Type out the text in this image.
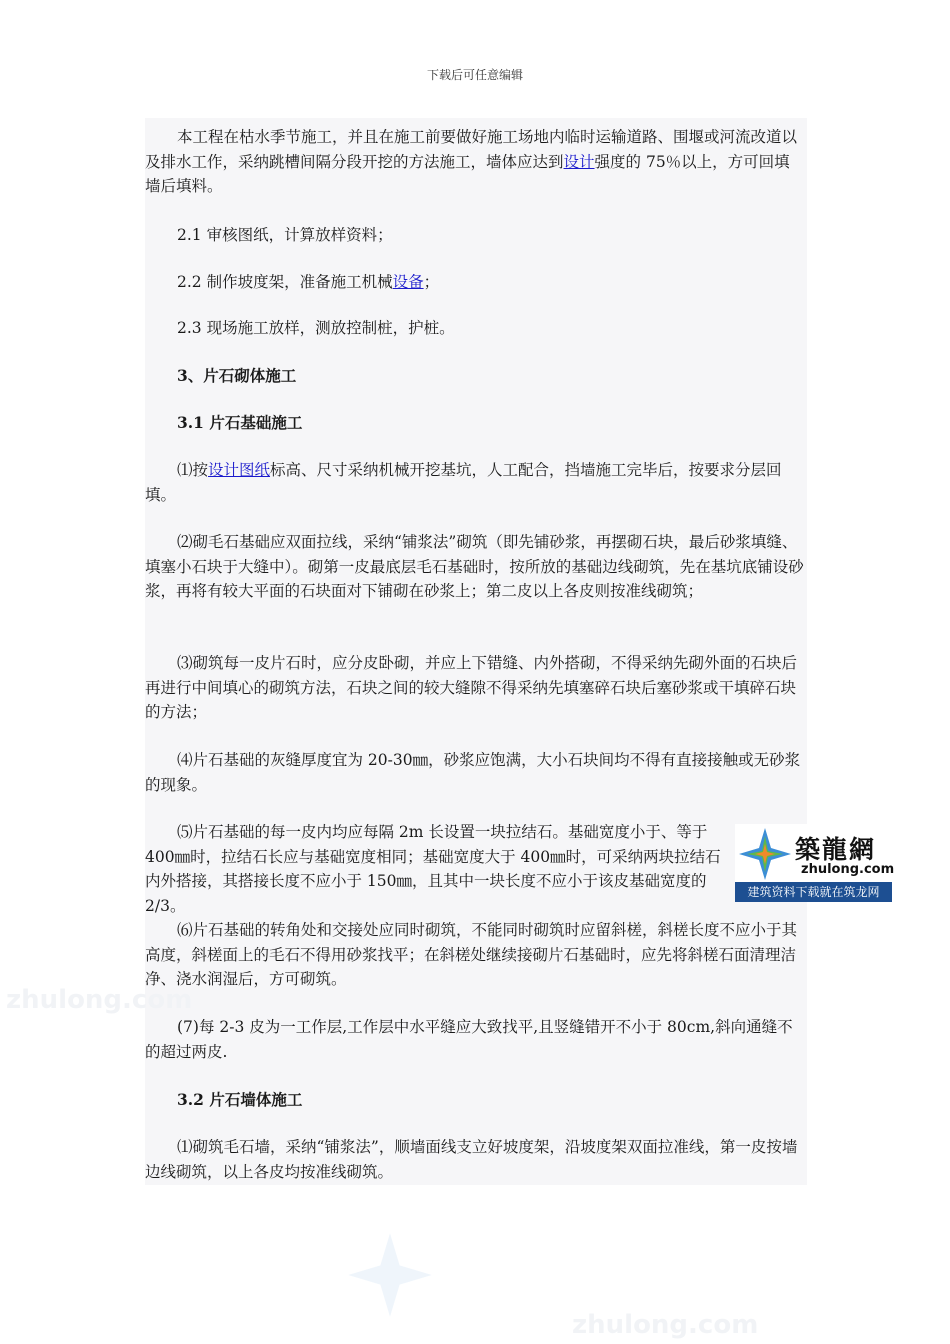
下载后可任意编辑
本工程在枯水季节施工，并且在施工前要做好施工场地内临时运输道路、围堰或河流改道以及排水工作，采纳跳槽间隔分段开挖的方法施工，墙体应达到设计强度的 75％以上，方可回填墙后填料。
2.1 审核图纸，计算放样资料；
2.2 制作坡度架，准备施工机械设备；
2.3 现场施工放样，测放控制桩，护桩。
3、片石砌体施工
3.1 片石基础施工
⑴按设计图纸标高、尺寸采纳机械开挖基坑，人工配合，挡墙施工完毕后，按要求分层回填。
⑵砌毛石基础应双面拉线，采纳“铺浆法”砌筑（即先铺砂浆，再摆砌石块，最后砂浆填缝、填塞小石块于大缝中）。砌第一皮最底层毛石基础时，按所放的基础边线砌筑，先在基坑底铺设砂浆，再将有较大平面的石块面对下铺砌在砂浆上；第二皮以上各皮则按准线砌筑；
⑶砌筑每一皮片石时，应分皮卧砌，并应上下错缝、内外搭砌，不得采纳先砌外面的石块后再进行中间填心的砌筑方法，石块之间的较大缝隙不得采纳先填塞碎石块后塞砂浆或干填碎石块的方法；
⑷片石基础的灰缝厚度宜为 20-30㎜，砂浆应饱满，大小石块间均不得有直接接触或无砂浆的现象。
⑸片石基础的每一皮内均应每隔 2m 长设置一块拉结石。基础宽度小于、等于 400㎜时，拉结石长应与基础宽度相同；基础宽度大于 400㎜时，可采纳两块拉结石内外搭接，其搭接长度不应小于 150㎜，且其中一块长度不应小于该皮基础宽度的 2/3。
⑹片石基础的转角处和交接处应同时砌筑，不能同时砌筑时应留斜槎，斜槎长度不应小于其高度，斜槎面上的毛石不得用砂浆找平；在斜槎处继续接砌片石基础时，应先将斜槎石面清理洁净、浇水润湿后，方可砌筑。
(7)每 2-3 皮为一工作层,工作层中水平缝应大致找平,且竖缝错开不小于 80cm,斜向通缝不的超过两皮.
3.2 片石墙体施工
⑴砌筑毛石墙，采纳“铺浆法”，顺墙面线支立好坡度架，沿坡度架双面拉准线，第一皮按墙边线砌筑，以上各皮均按准线砌筑。
築龍網
zhulong.com
建筑资料下载就在筑龙网
zhulong.com
zhulong.com
